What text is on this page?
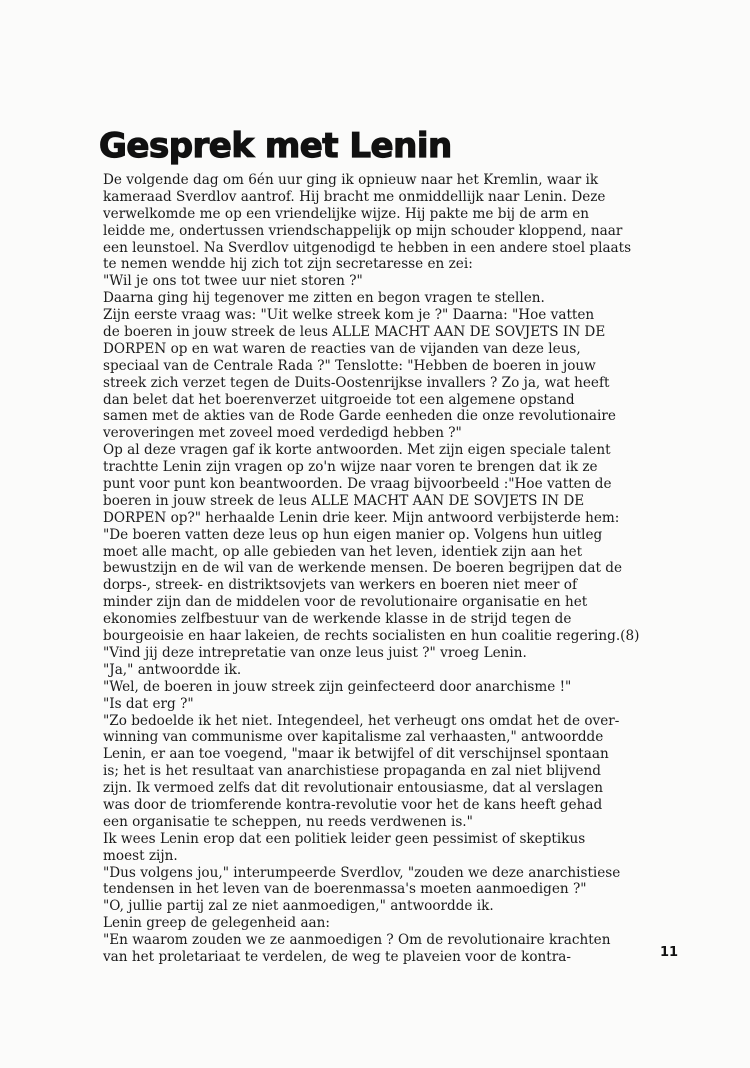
Gesprek met Lenin
De volgende dag om 6én uur ging ik opnieuw naar het Kremlin, waar ik
kameraad Sverdlov aantrof. Hij bracht me onmiddellijk naar Lenin. Deze
verwelkomde me op een vriendelijke wijze. Hij pakte me bij de arm en
leidde me, ondertussen vriendschappelijk op mijn schouder kloppend, naar
een leunstoel. Na Sverdlov uitgenodigd te hebben in een andere stoel plaats
te nemen wendde hij zich tot zijn secretaresse en zei:
"Wil je ons tot twee uur niet storen ?"
Daarna ging hij tegenover me zitten en begon vragen te stellen.
Zijn eerste vraag was: "Uit welke streek kom je ?" Daarna: "Hoe vatten
de boeren in jouw streek de leus ALLE MACHT AAN DE SOVJETS IN DE
DORPEN op en wat waren de reacties van de vijanden van deze leus,
speciaal van de Centrale Rada ?" Tenslotte: "Hebben de boeren in jouw
streek zich verzet tegen de Duits-Oostenrijkse invallers ? Zo ja, wat heeft
dan belet dat het boerenverzet uitgroeide tot een algemene opstand
samen met de akties van de Rode Garde eenheden die onze revolutionaire
veroveringen met zoveel moed verdedigd hebben ?"
Op al deze vragen gaf ik korte antwoorden. Met zijn eigen speciale talent
trachtte Lenin zijn vragen op zo'n wijze naar voren te brengen dat ik ze
punt voor punt kon beantwoorden. De vraag bijvoorbeeld :"Hoe vatten de
boeren in jouw streek de leus ALLE MACHT AAN DE SOVJETS IN DE
DORPEN op?" herhaalde Lenin drie keer. Mijn antwoord verbijsterde hem:
"De boeren vatten deze leus op hun eigen manier op. Volgens hun uitleg
moet alle macht, op alle gebieden van het leven, identiek zijn aan het
bewustzijn en de wil van de werkende mensen. De boeren begrijpen dat de
dorps-, streek- en distriktsovjets van werkers en boeren niet meer of
minder zijn dan de middelen voor de revolutionaire organisatie en het
ekonomies zelfbestuur van de werkende klasse in de strijd tegen de
bourgeoisie en haar lakeien, de rechts socialisten en hun coalitie regering.(8)
"Vind jij deze intrepretatie van onze leus juist ?" vroeg Lenin.
"Ja," antwoordde ik.
"Wel, de boeren in jouw streek zijn geinfecteerd door anarchisme !"
"Is dat erg ?"
"Zo bedoelde ik het niet. Integendeel, het verheugt ons omdat het de over-
winning van communisme over kapitalisme zal verhaasten," antwoordde
Lenin, er aan toe voegend, "maar ik betwijfel of dit verschijnsel spontaan
is; het is het resultaat van anarchistiese propaganda en zal niet blijvend
zijn. Ik vermoed zelfs dat dit revolutionair entousiasme, dat al verslagen
was door de triomferende kontra-revolutie voor het de kans heeft gehad
een organisatie te scheppen, nu reeds verdwenen is."
Ik wees Lenin erop dat een politiek leider geen pessimist of skeptikus
moest zijn.
"Dus volgens jou," interumpeerde Sverdlov, "zouden we deze anarchistiese
tendensen in het leven van de boerenmassa's moeten aanmoedigen ?"
"O, jullie partij zal ze niet aanmoedigen," antwoordde ik.
Lenin greep de gelegenheid aan:
"En waarom zouden we ze aanmoedigen ? Om de revolutionaire krachten
van het proletariaat te verdelen, de weg te plaveien voor de kontra-	11
